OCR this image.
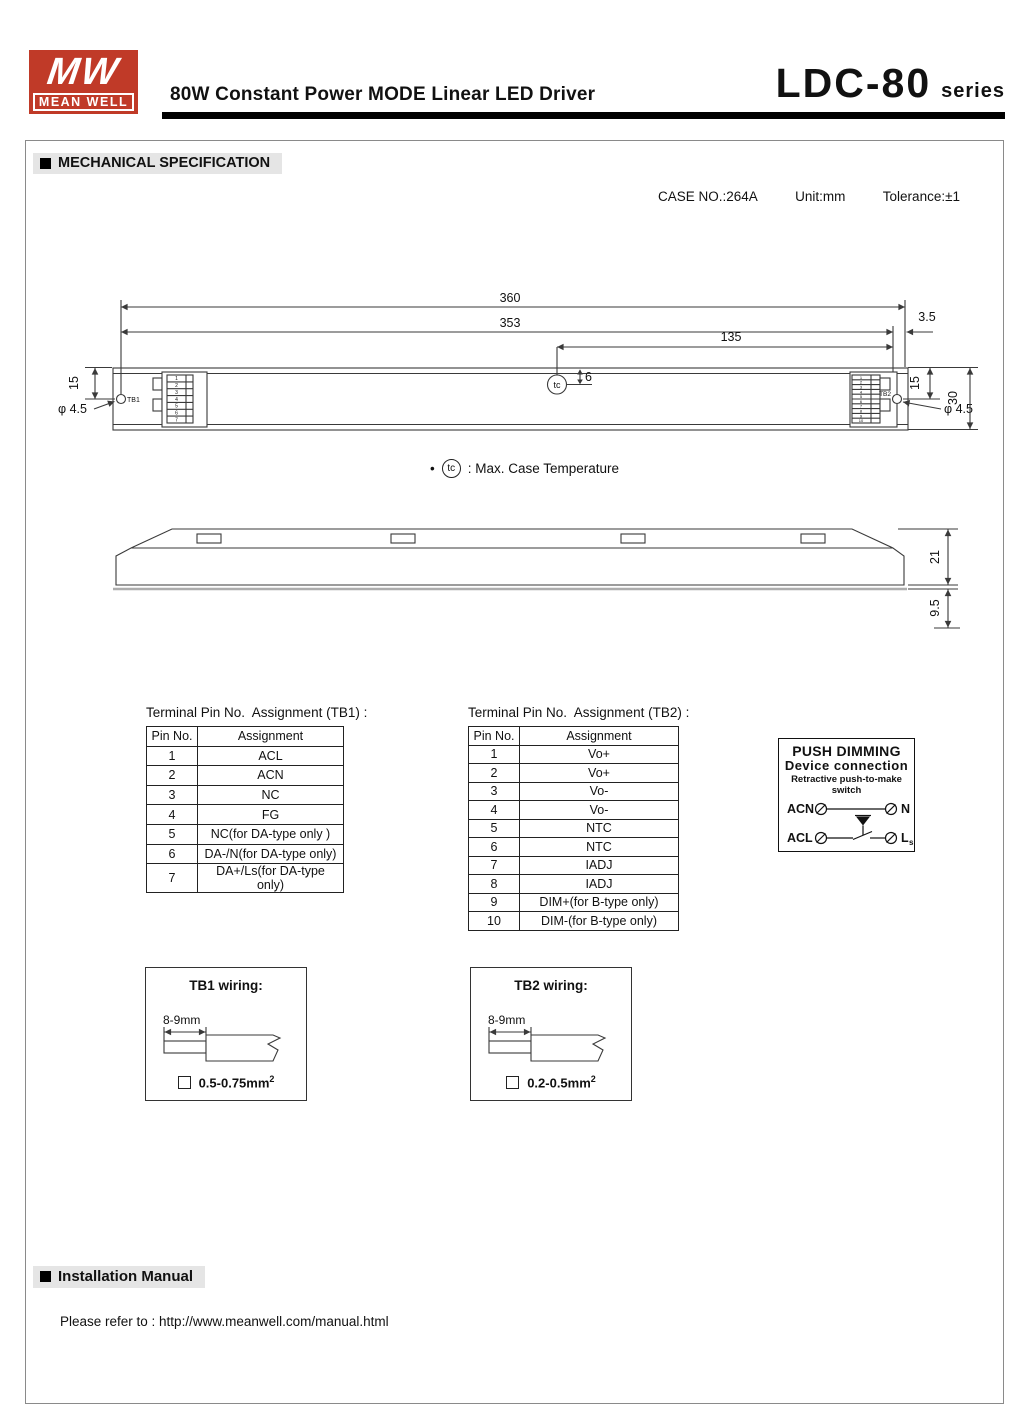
MW
MEAN WELL	80W Constant Power MODE Linear LED Driver	LDC-80 series
MECHANICAL SPECIFICATION
CASE NO.:264A	Unit:mm	Tolerance:±1
360
353	3.5
135
tc
6
1
2
3
4
5
6
7
1
2
3
4
5
6
7
8
9
10
TB1
φ 4.5
TB2
φ 4.5
15	15
30
•	tc : Max. Case Temperature
21
9.5
Terminal Pin No.  Assignment (TB1) :
Pin No.	Assignment
1	ACL
2	ACN
3	NC
4	FG
5	NC(for DA-type only )
6	DA-/N(for DA-type only)
7	DA+/Ls(for DA-type only)
Terminal Pin No.  Assignment (TB2) :
Pin No.	Assignment
1	Vo+
2	Vo+
3	Vo-
4	Vo-
5	NTC
6	NTC
7	IADJ
8	IADJ
9	DIM+(for B-type only)
10	DIM-(for B-type only)
PUSH DIMMING
Device connection
Retractive push-to-make
switch
ACN	N
ACL	L s
TB1 wiring:
8-9mm
$0.5-0.75mm^2$
TB2 wiring:
8-9mm
$0.2-0.5mm^2$
Installation Manual
Please refer to : http://www.meanwell.com/manual.html
